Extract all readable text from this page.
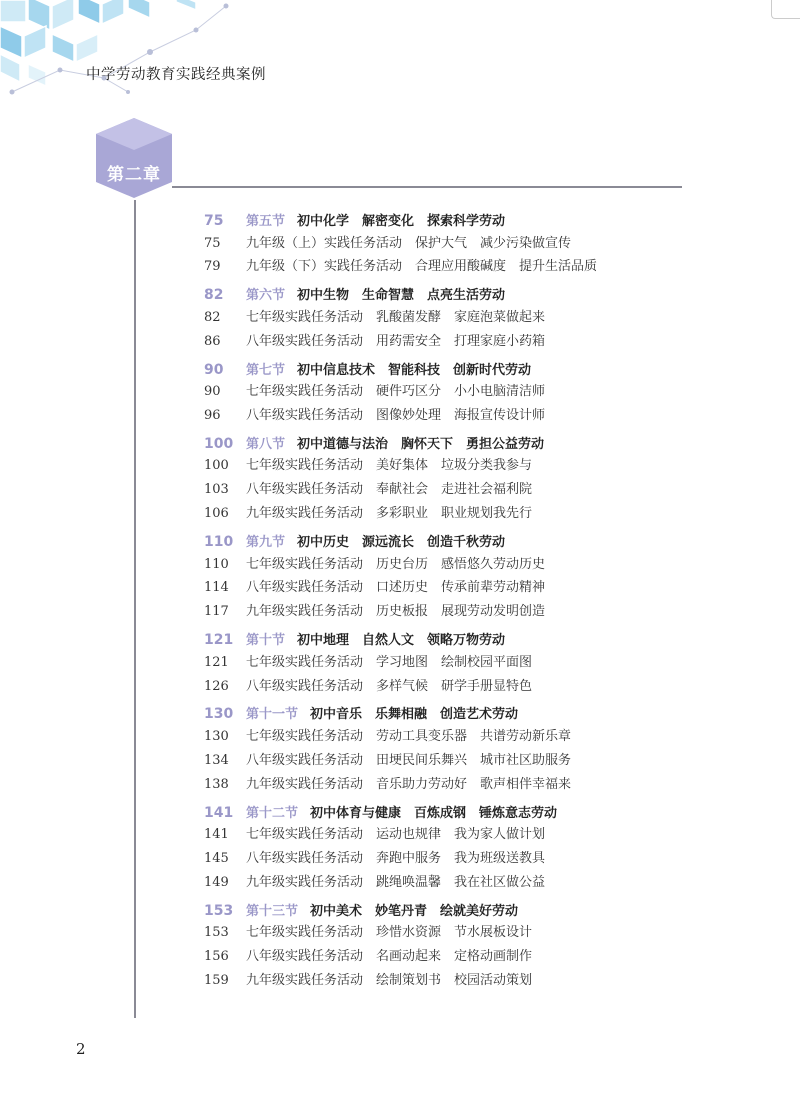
中学劳动教育实践经典案例
第二章
75 第五节 初中化学　解密变化　探索科学劳动
75 九年级（上）实践任务活动　保护大气　减少污染做宣传
79 九年级（下）实践任务活动　合理应用酸碱度　提升生活品质
82 第六节 初中生物　生命智慧　点亮生活劳动
82 七年级实践任务活动　乳酸菌发酵　家庭泡菜做起来
86 八年级实践任务活动　用药需安全　打理家庭小药箱
90 第七节 初中信息技术　智能科技　创新时代劳动
90 七年级实践任务活动　硬件巧区分　小小电脑清洁师
96 八年级实践任务活动　图像妙处理　海报宣传设计师
100 第八节 初中道德与法治　胸怀天下　勇担公益劳动
100 七年级实践任务活动　美好集体　垃圾分类我参与
103 八年级实践任务活动　奉献社会　走进社会福利院
106 九年级实践任务活动　多彩职业　职业规划我先行
110 第九节 初中历史　源远流长　创造千秋劳动
110 七年级实践任务活动　历史台历　感悟悠久劳动历史
114 八年级实践任务活动　口述历史　传承前辈劳动精神
117 九年级实践任务活动　历史板报　展现劳动发明创造
121 第十节 初中地理　自然人文　领略万物劳动
121 七年级实践任务活动　学习地图　绘制校园平面图
126 八年级实践任务活动　多样气候　研学手册显特色
130 第十一节 初中音乐　乐舞相融　创造艺术劳动
130 七年级实践任务活动　劳动工具变乐器　共谱劳动新乐章
134 八年级实践任务活动　田埂民间乐舞兴　城市社区助服务
138 九年级实践任务活动　音乐助力劳动好　歌声相伴幸福来
141 第十二节 初中体育与健康　百炼成钢　锤炼意志劳动
141 七年级实践任务活动　运动也规律　我为家人做计划
145 八年级实践任务活动　奔跑中服务　我为班级送教具
149 九年级实践任务活动　跳绳唤温馨　我在社区做公益
153 第十三节 初中美术　妙笔丹青　绘就美好劳动
153 七年级实践任务活动　珍惜水资源　节水展板设计
156 八年级实践任务活动　名画动起来　定格动画制作
159 九年级实践任务活动　绘制策划书　校园活动策划
2
